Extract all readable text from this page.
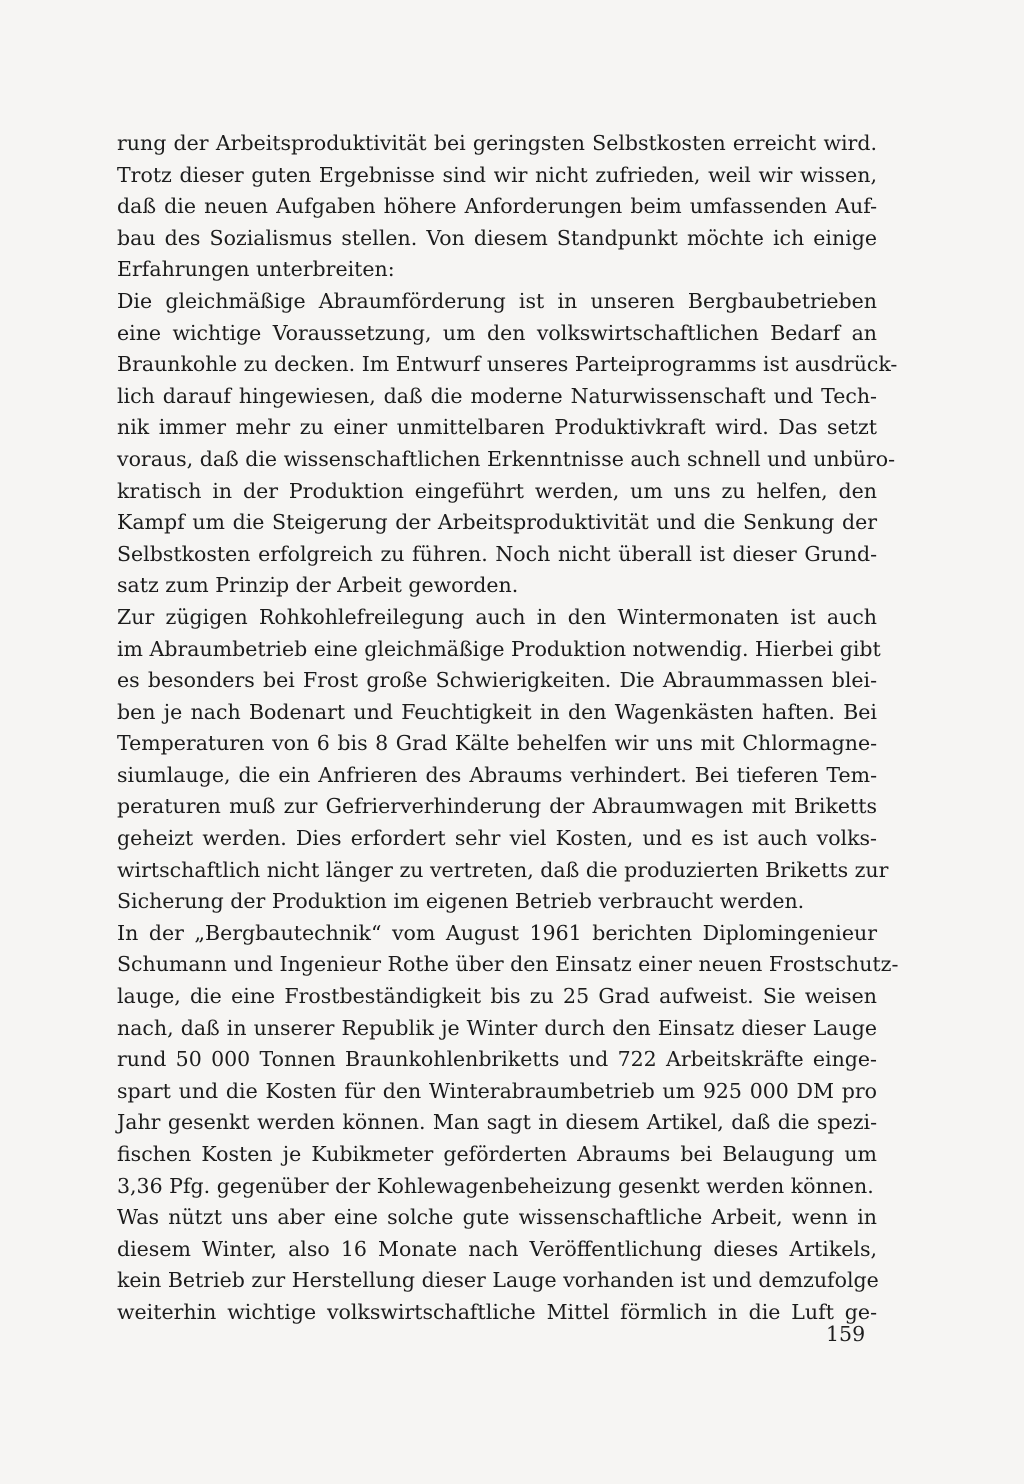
rung der Arbeitsproduktivität bei geringsten Selbstkosten erreicht wird.
Trotz dieser guten Ergebnisse sind wir nicht zufrieden, weil wir wissen,
daß die neuen Aufgaben höhere Anforderungen beim umfassenden Auf-
bau des Sozialismus stellen. Von diesem Standpunkt möchte ich einige
Erfahrungen unterbreiten:
Die gleichmäßige Abraumförderung ist in unseren Bergbaubetrieben
eine wichtige Voraussetzung, um den volkswirtschaftlichen Bedarf an
Braunkohle zu decken. Im Entwurf unseres Parteiprogramms ist ausdrück-
lich darauf hingewiesen, daß die moderne Naturwissenschaft und Tech-
nik immer mehr zu einer unmittelbaren Produktivkraft wird. Das setzt
voraus, daß die wissenschaftlichen Erkenntnisse auch schnell und unbüro-
kratisch in der Produktion eingeführt werden, um uns zu helfen, den
Kampf um die Steigerung der Arbeitsproduktivität und die Senkung der
Selbstkosten erfolgreich zu führen. Noch nicht überall ist dieser Grund-
satz zum Prinzip der Arbeit geworden.
Zur zügigen Rohkohlefreilegung auch in den Wintermonaten ist auch
im Abraumbetrieb eine gleichmäßige Produktion notwendig. Hierbei gibt
es besonders bei Frost große Schwierigkeiten. Die Abraummassen blei-
ben je nach Bodenart und Feuchtigkeit in den Wagenkästen haften. Bei
Temperaturen von 6 bis 8 Grad Kälte behelfen wir uns mit Chlormagne-
siumlauge, die ein Anfrieren des Abraums verhindert. Bei tieferen Tem-
peraturen muß zur Gefrierverhinderung der Abraumwagen mit Briketts
geheizt werden. Dies erfordert sehr viel Kosten, und es ist auch volks-
wirtschaftlich nicht länger zu vertreten, daß die produzierten Briketts zur
Sicherung der Produktion im eigenen Betrieb verbraucht werden.
In der „Bergbautechnik“ vom August 1961 berichten Diplomingenieur
Schumann und Ingenieur Rothe über den Einsatz einer neuen Frostschutz-
lauge, die eine Frostbeständigkeit bis zu 25 Grad aufweist. Sie weisen
nach, daß in unserer Republik je Winter durch den Einsatz dieser Lauge
rund 50 000 Tonnen Braunkohlenbriketts und 722 Arbeitskräfte einge-
spart und die Kosten für den Winterabraumbetrieb um 925 000 DM pro
Jahr gesenkt werden können. Man sagt in diesem Artikel, daß die spezi-
fischen Kosten je Kubikmeter geförderten Abraums bei Belaugung um
3,36 Pfg. gegenüber der Kohlewagenbeheizung gesenkt werden können.
Was nützt uns aber eine solche gute wissenschaftliche Arbeit, wenn in
diesem Winter, also 16 Monate nach Veröffentlichung dieses Artikels,
kein Betrieb zur Herstellung dieser Lauge vorhanden ist und demzufolge
weiterhin wichtige volkswirtschaftliche Mittel förmlich in die Luft ge-
159
